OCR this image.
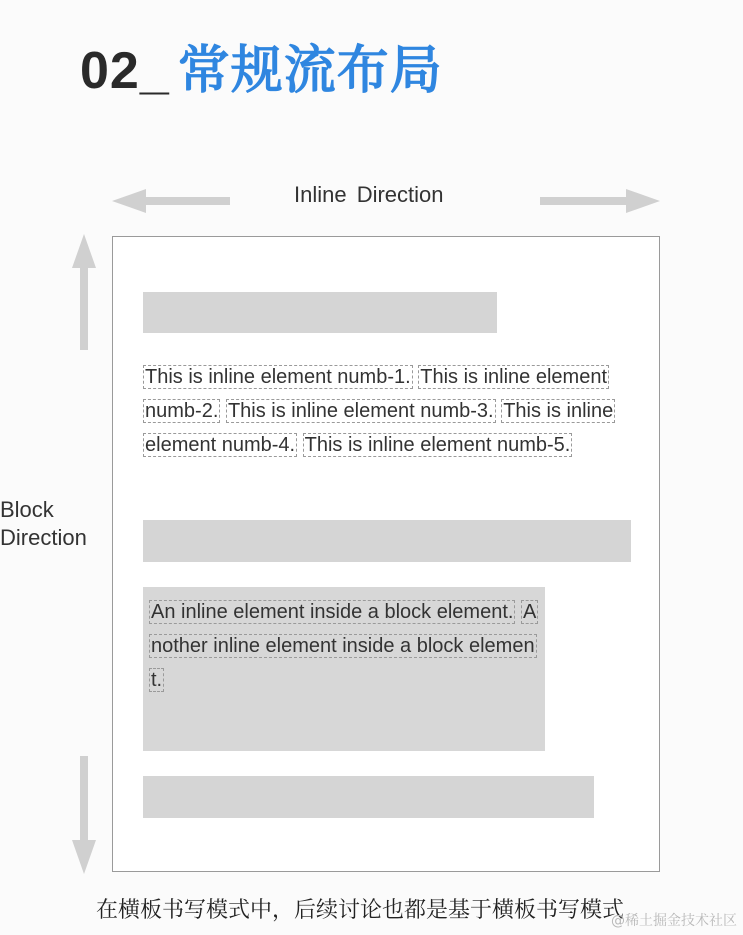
02_ 常规流布局
Inline Direction
Block
Direction
This is inline element numb-1. This is inline element numb-2. This is inline element numb-3. This is inline element numb-4. This is inline element numb-5.
An inline element inside a block element. Another inline element inside a block element.
在横板书写模式中，后续讨论也都是基于横板书写模式
@稀土掘金技术社区
